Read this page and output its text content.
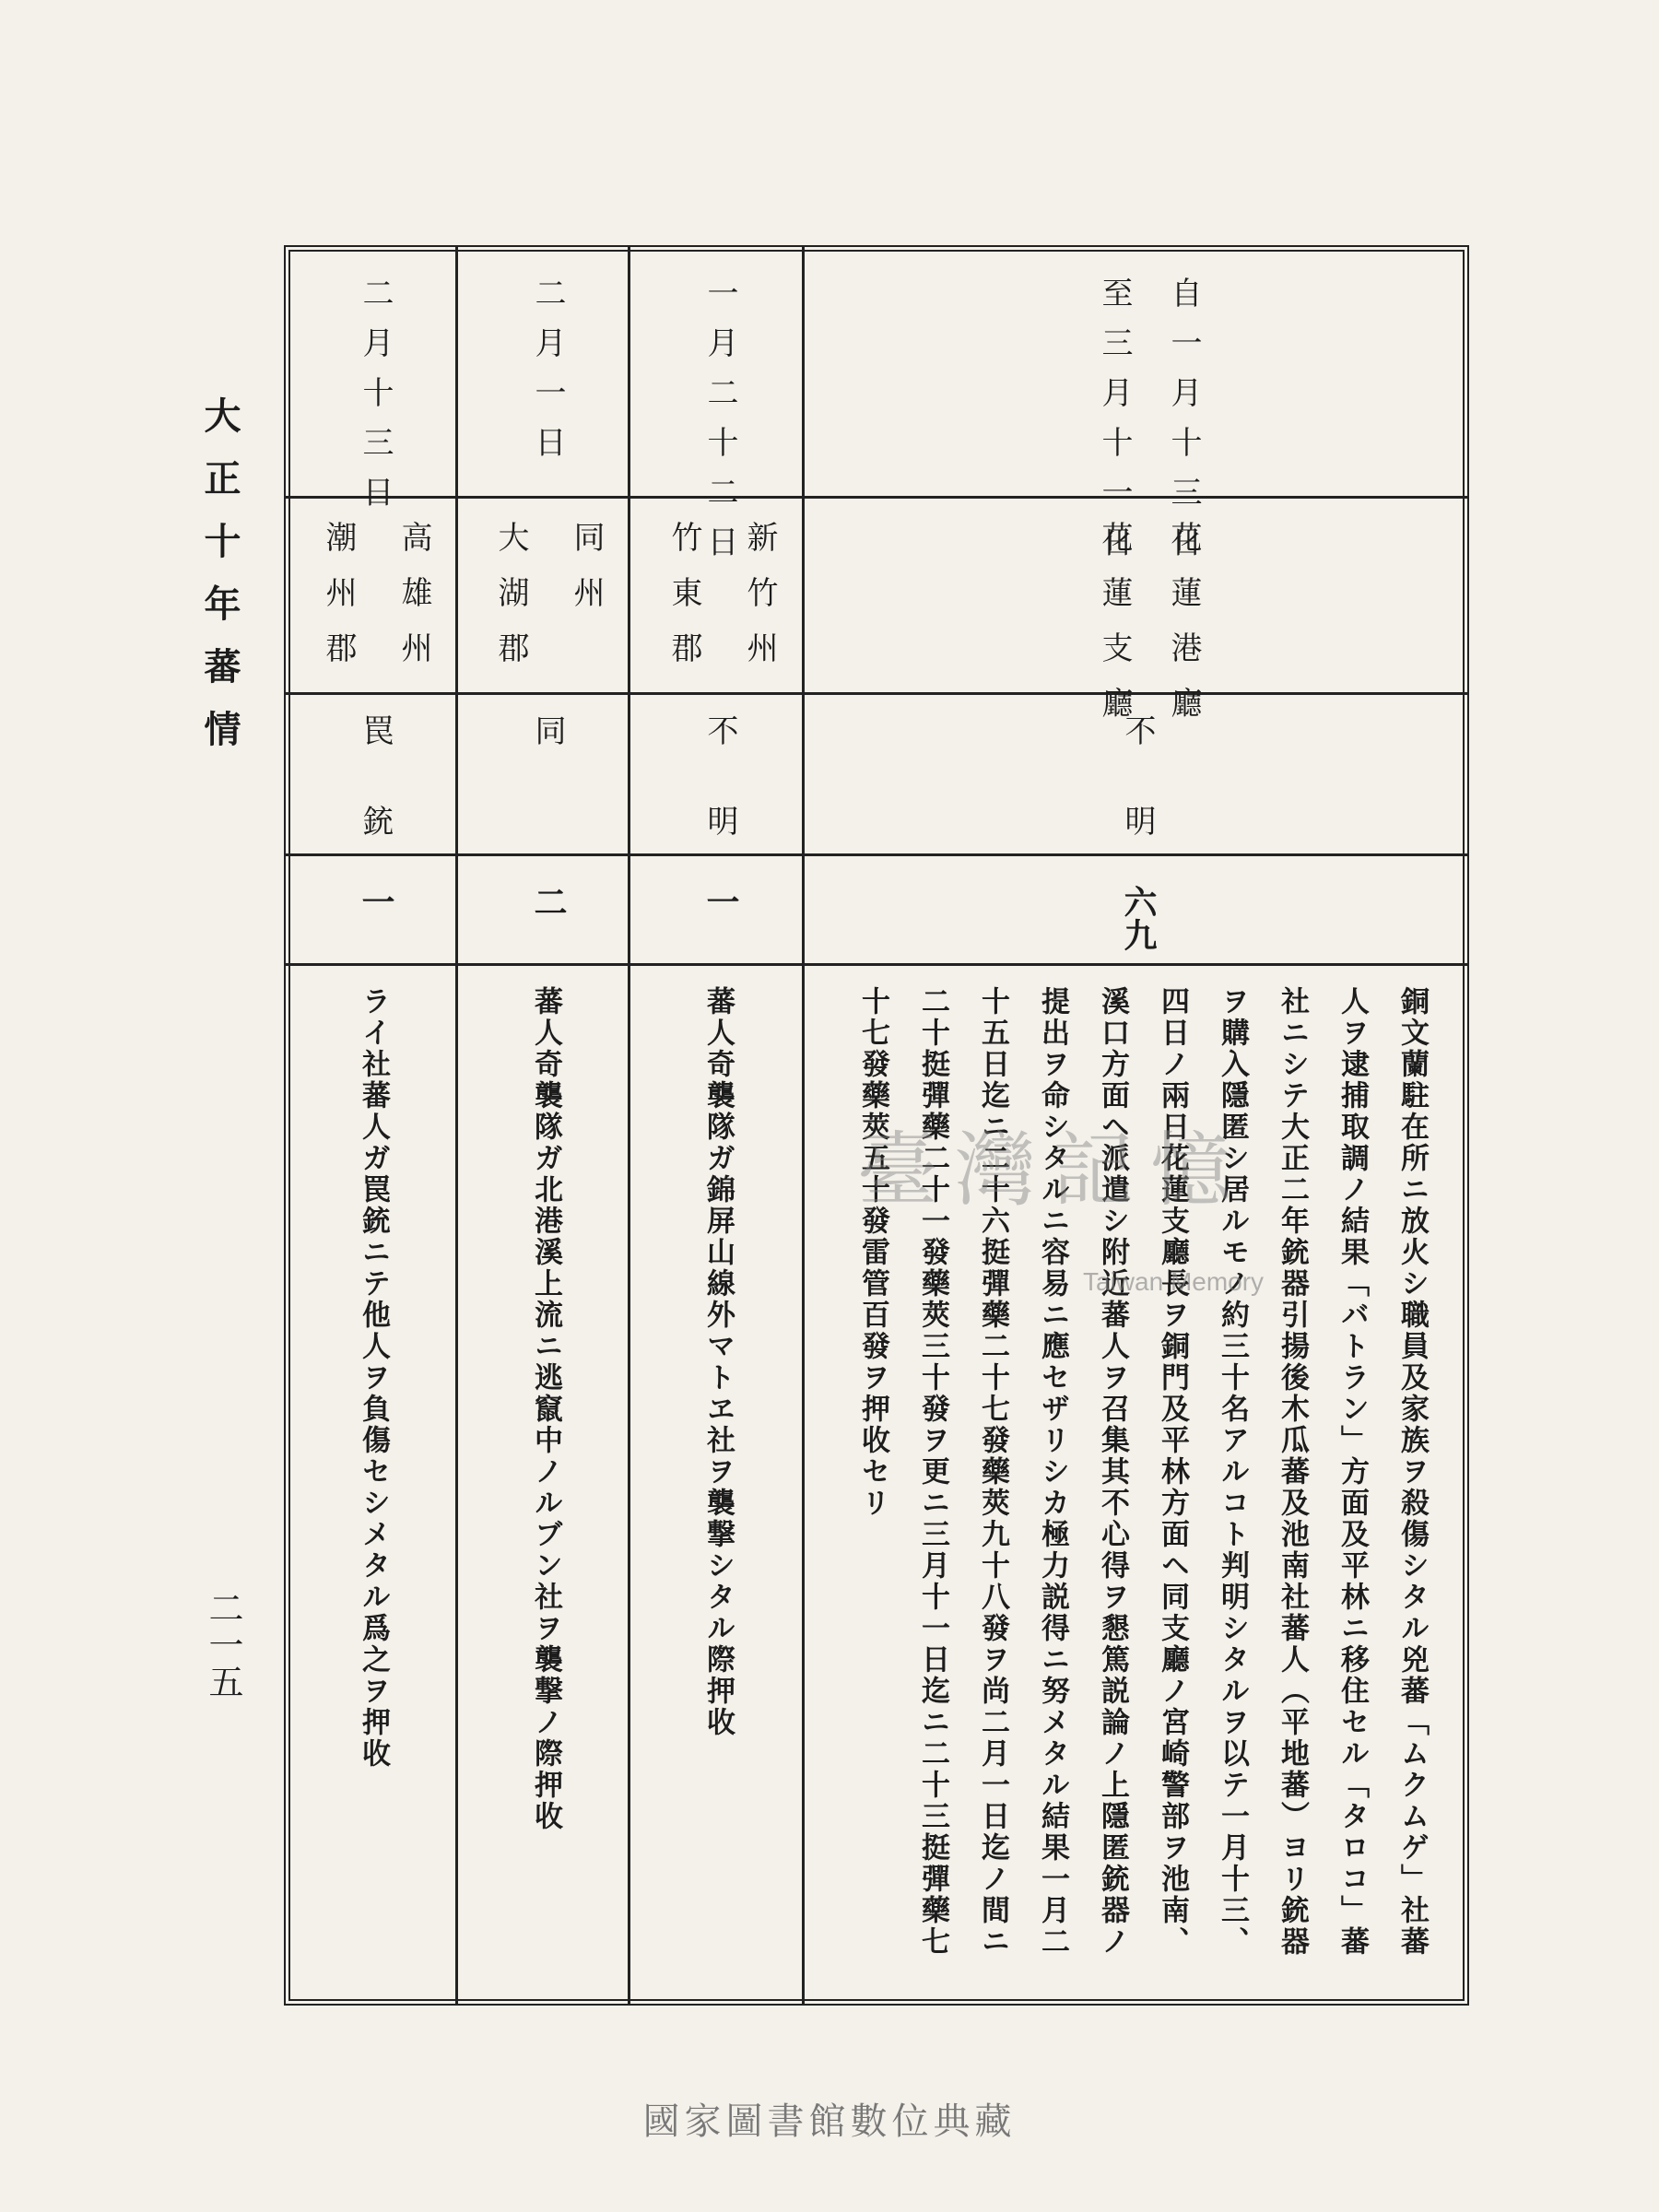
大正十年蕃情
二一五
自一月十三日
至三月十一日
花蓮港廳
花蓮支廳
不明
六九
銅文蘭駐在所ニ放火シ職員及家族ヲ殺傷シタル兇蕃「ムクムゲ」社蕃
人ヲ逮捕取調ノ結果「バトラン」方面及平林ニ移住セル「タロコ」蕃
社ニシテ大正二年銃器引揚後木瓜蕃及池南社蕃人（平地蕃）ヨリ銃器
ヲ購入隱匿シ居ルモノ約三十名アルコト判明シタルヲ以テ一月十三、
四日ノ兩日花蓮支廳長ヲ銅門及平林方面ヘ同支廳ノ宮崎警部ヲ池南、
溪口方面ヘ派遣シ附近蕃人ヲ召集其不心得ヲ懇篤説論ノ上隱匿銃器ノ
提出ヲ命シタルニ容易ニ應セザリシカ極力説得ニ努メタル結果一月二
十五日迄ニ二十六挺彈藥二十七發藥莢九十八發ヲ尚二月一日迄ノ間ニ
二十挺彈藥二十一發藥莢三十發ヲ更ニ三月十一日迄ニ二十三挺彈藥七
十七發藥莢五十發雷管百發ヲ押收セリ
一月二十二日
新竹州
竹東郡
不明
一
蕃人奇襲隊ガ錦屏山線外マトヱ社ヲ襲撃シタル際押收
二月一日
同州
大湖郡
同
二
蕃人奇襲隊ガ北港溪上流ニ逃竄中ノルブン社ヲ襲撃ノ際押收
二月十三日
高雄州
潮州郡
罠銃
一
ライ社蕃人ガ罠銃ニテ他人ヲ負傷セシメタル爲之ヲ押收	臺灣記憶
Taiwan Memory
國家圖書館數位典藏
